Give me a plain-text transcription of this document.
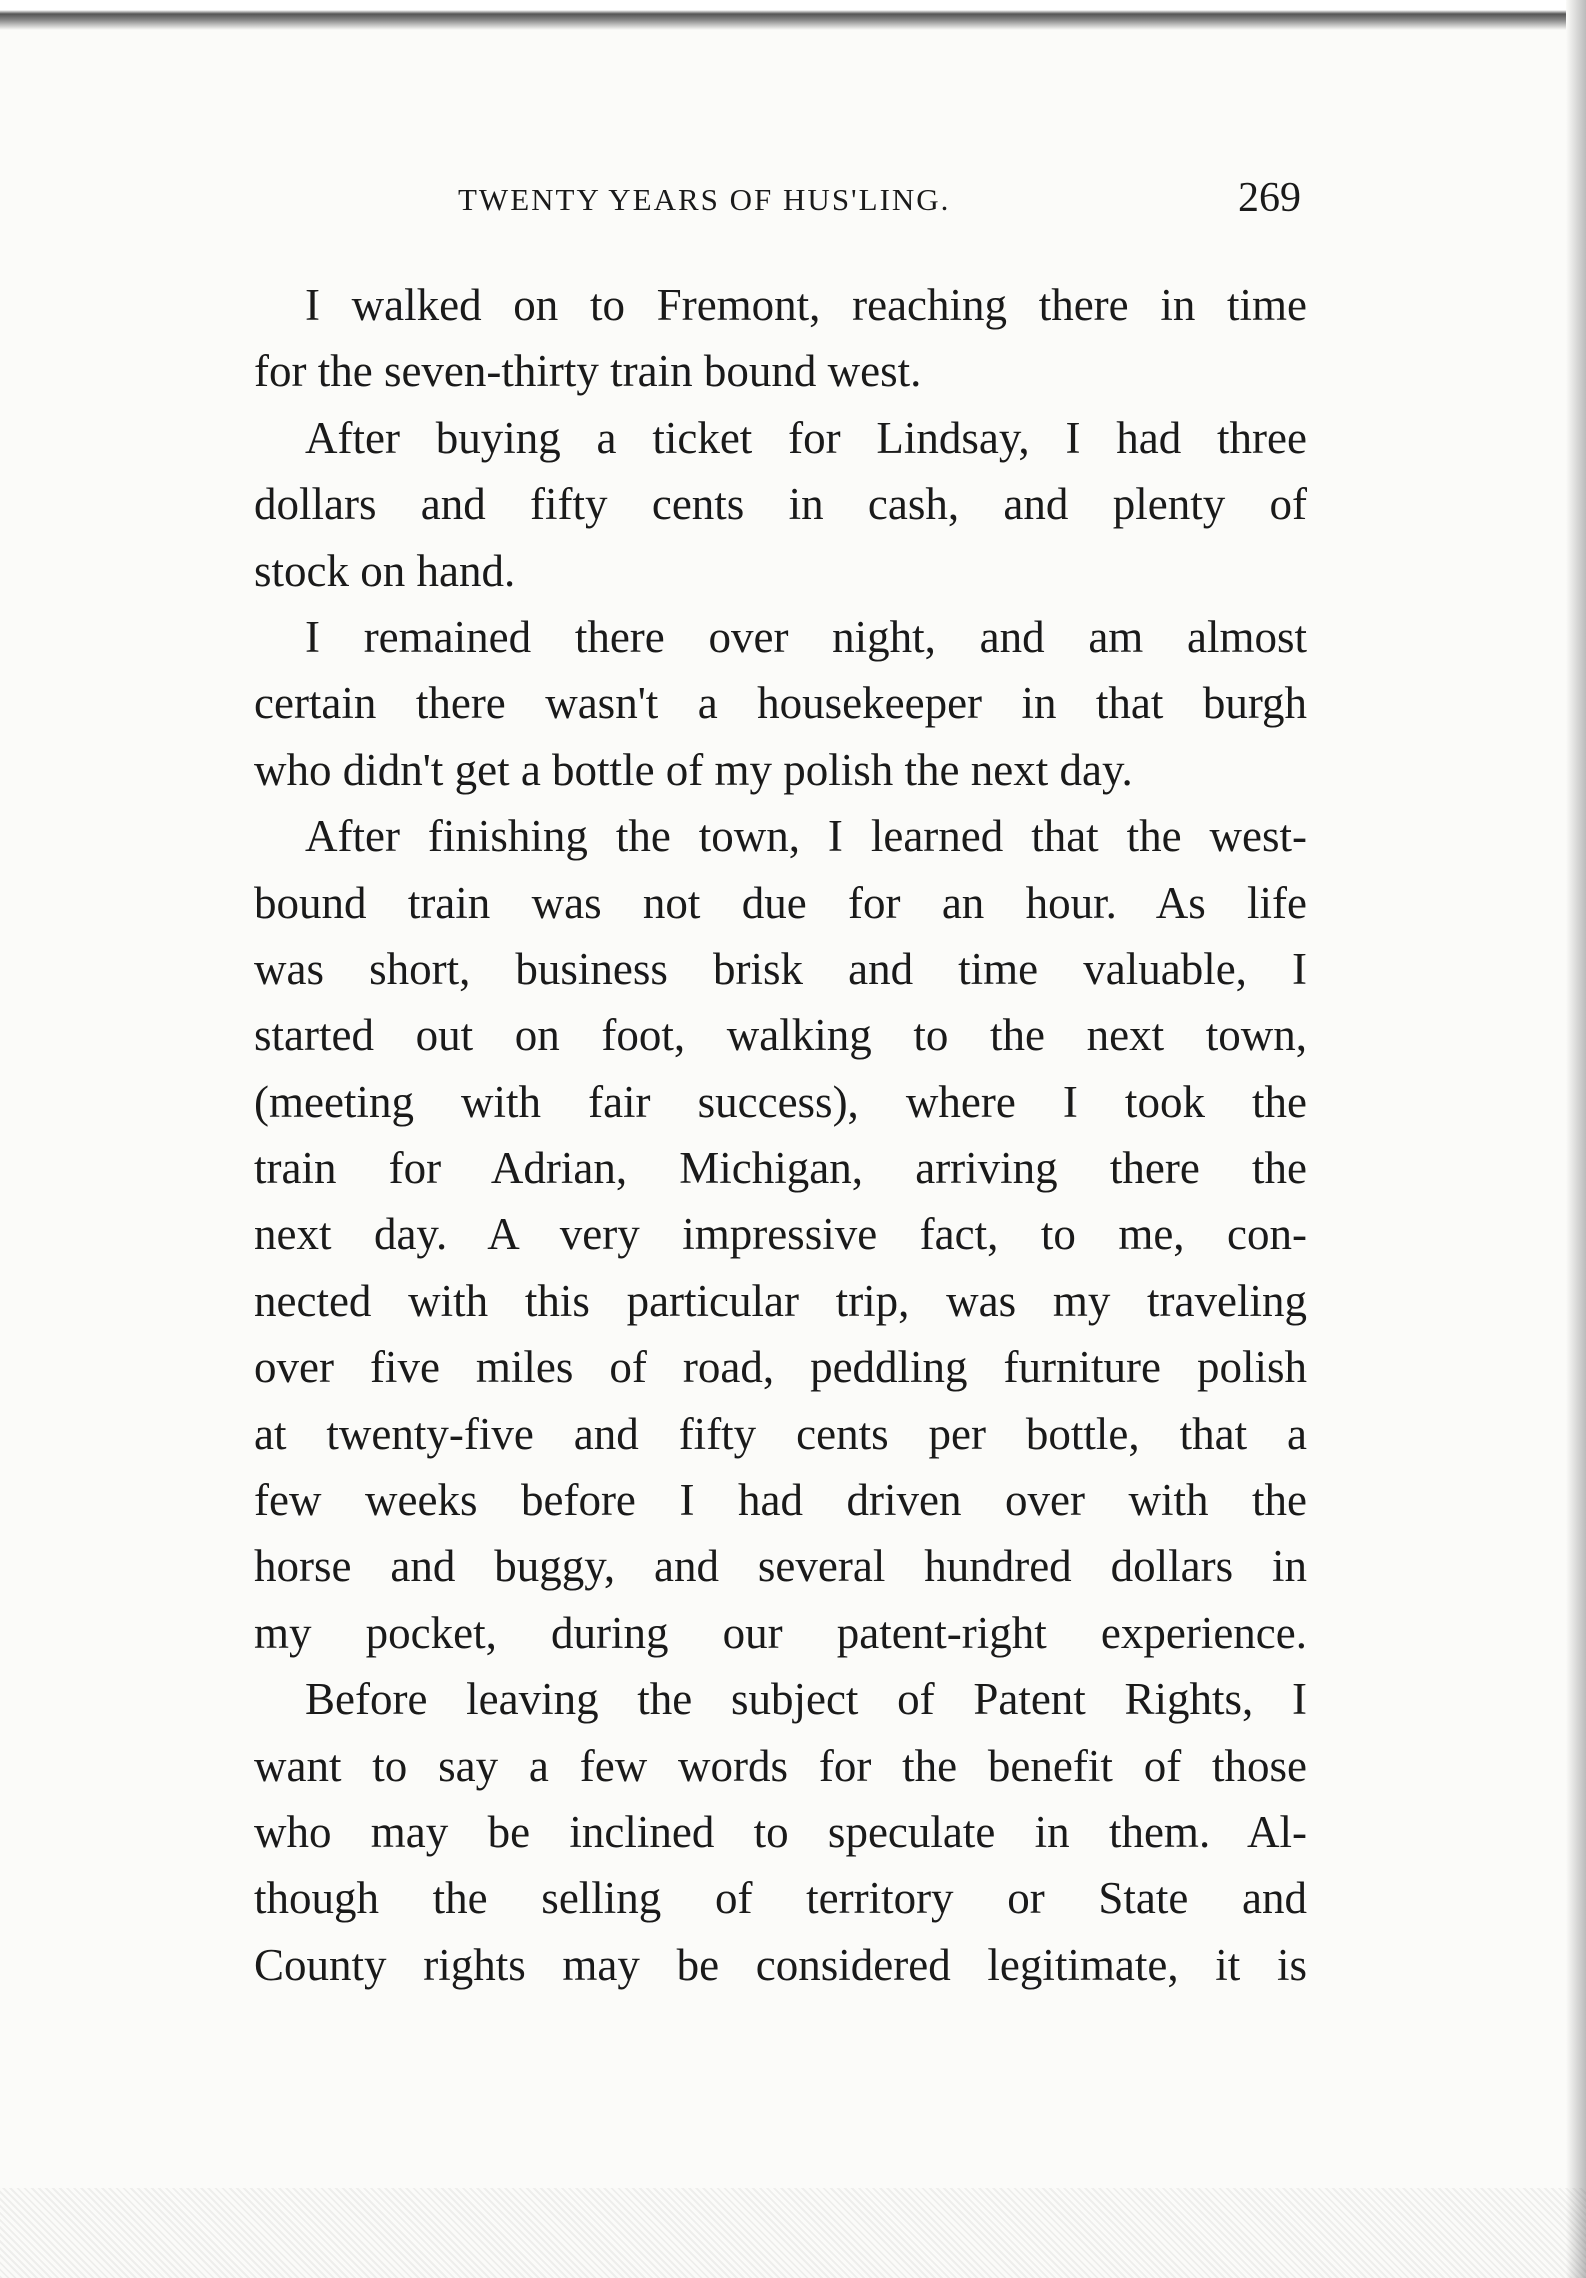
TWENTY YEARS OF HUS'LING.	269
I walked on to Fremont, reaching there in time
for the seven-thirty train bound west.
After buying a ticket for Lindsay, I had three
dollars and fifty cents in cash, and plenty of
stock on hand.
I remained there over night, and am almost
certain there wasn't a housekeeper in that burgh
who didn't get a bottle of my polish the next day.
After finishing the town, I learned that the west-
bound train was not due for an hour. As life
was short, business brisk and time valuable, I
started out on foot, walking to the next town,
(meeting with fair success), where I took the
train for Adrian, Michigan, arriving there the
next day. A very impressive fact, to me, con-
nected with this particular trip, was my traveling
over five miles of road, peddling furniture polish
at twenty-five and fifty cents per bottle, that a
few weeks before I had driven over with the
horse and buggy, and several hundred dollars in
my pocket, during our patent-right experience.
Before leaving the subject of Patent Rights, I
want to say a few words for the benefit of those
who may be inclined to speculate in them. Al-
though the selling of territory or State and
County rights may be considered legitimate, it is
